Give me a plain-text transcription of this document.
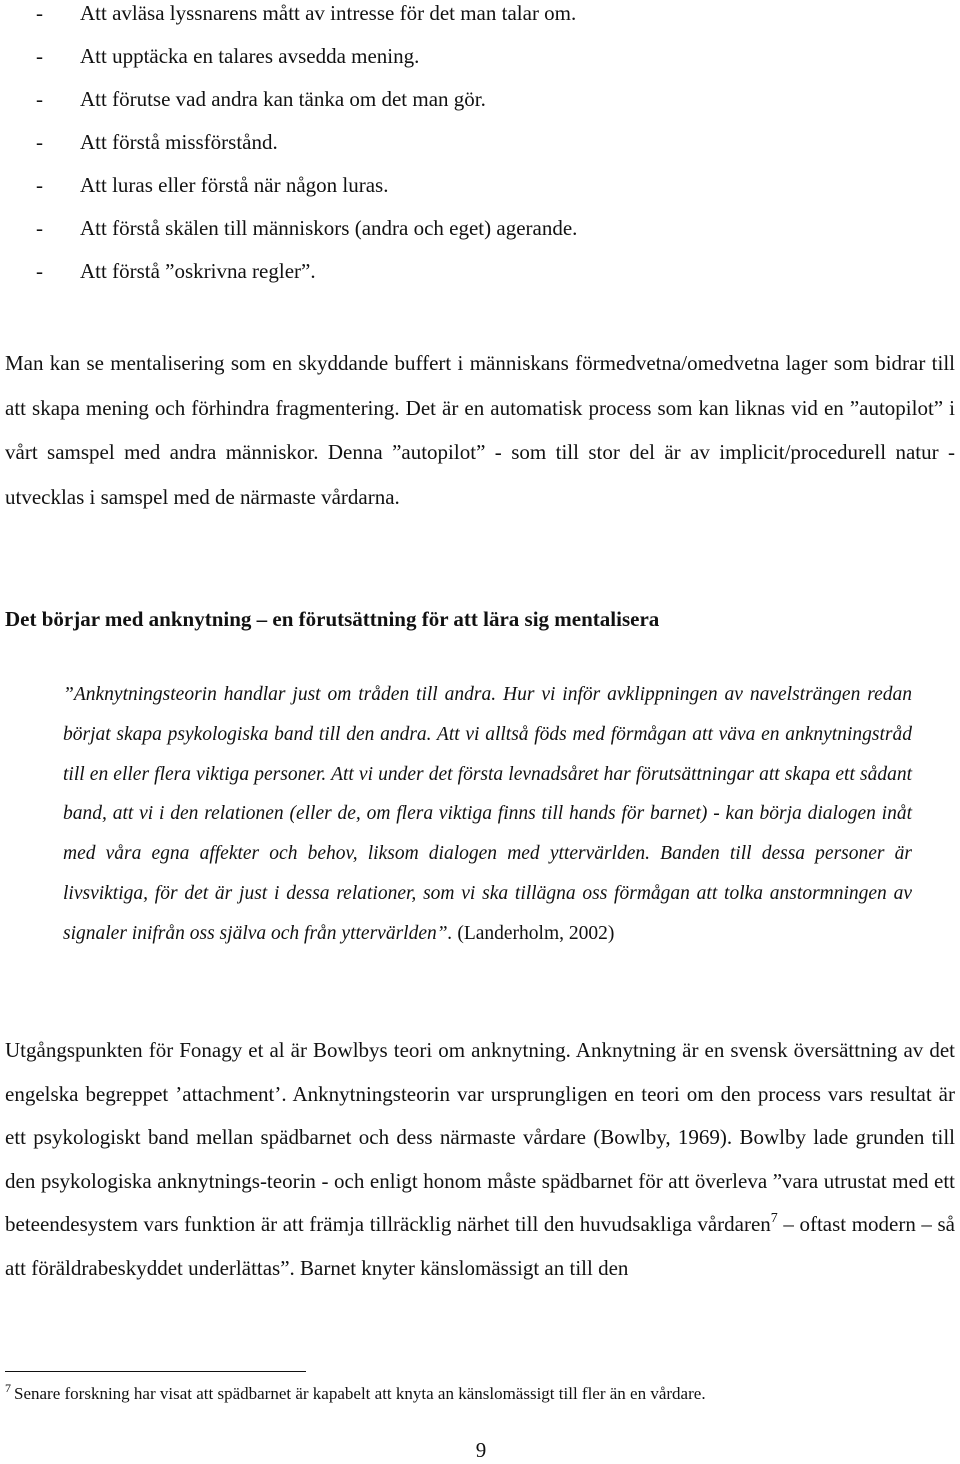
- Att avläsa lyssnarens mått av intresse för det man talar om.
- Att upptäcka en talares avsedda mening.
- Att förutse vad andra kan tänka om det man gör.
- Att förstå missförstånd.
- Att luras eller förstå när någon luras.
- Att förstå skälen till människors (andra och eget) agerande.
- Att förstå ”oskrivna regler”.

Man kan se mentalisering som en skyddande buffert i människans förmedvetna/omedvetna lager som bidrar till att skapa mening och förhindra fragmentering. Det är en automatisk process som kan liknas vid en ”autopilot” i vårt samspel med andra människor. Denna ”autopilot” - som till stor del är av implicit/procedurell natur - utvecklas i samspel med de närmaste vårdarna.

Det börjar med anknytning – en förutsättning för att lära sig mentalisera

”Anknytningsteorin handlar just om tråden till andra. Hur vi inför avklippningen av navelsträngen redan börjat skapa psykologiska band till den andra. Att vi alltså föds med förmågan att väva en anknytningstråd till en eller flera viktiga personer. Att vi under det första levnadsåret har förutsättningar att skapa ett sådant band, att vi i den relationen (eller de, om flera viktiga finns till hands för barnet) - kan börja dialogen inåt med våra egna affekter och behov, liksom dialogen med yttervärlden. Banden till dessa personer är livsviktiga, för det är just i dessa relationer, som vi ska tillägna oss förmågan att tolka anstormningen av signaler inifrån oss själva och från yttervärlden”. (Landerholm, 2002)

Utgångspunkten för Fonagy et al är Bowlbys teori om anknytning. Anknytning är en svensk översättning av det engelska begreppet ’attachment’. Anknytningsteorin var ursprungligen en teori om den process vars resultat är ett psykologiskt band mellan spädbarnet och dess närmaste vårdare (Bowlby, 1969). Bowlby lade grunden till den psykologiska anknytnings-teorin - och enligt honom måste spädbarnet för att överleva ”vara utrustat med ett beteendesystem vars funktion är att främja tillräcklig närhet till den huvudsakliga vårdaren$^7$ – oftast modern – så att föräldrabeskyddet underlättas”. Barnet knyter känslomässigt an till den

$^7$ Senare forskning har visat att spädbarnet är kapabelt att knyta an känslomässigt till fler än en vårdare.

9
